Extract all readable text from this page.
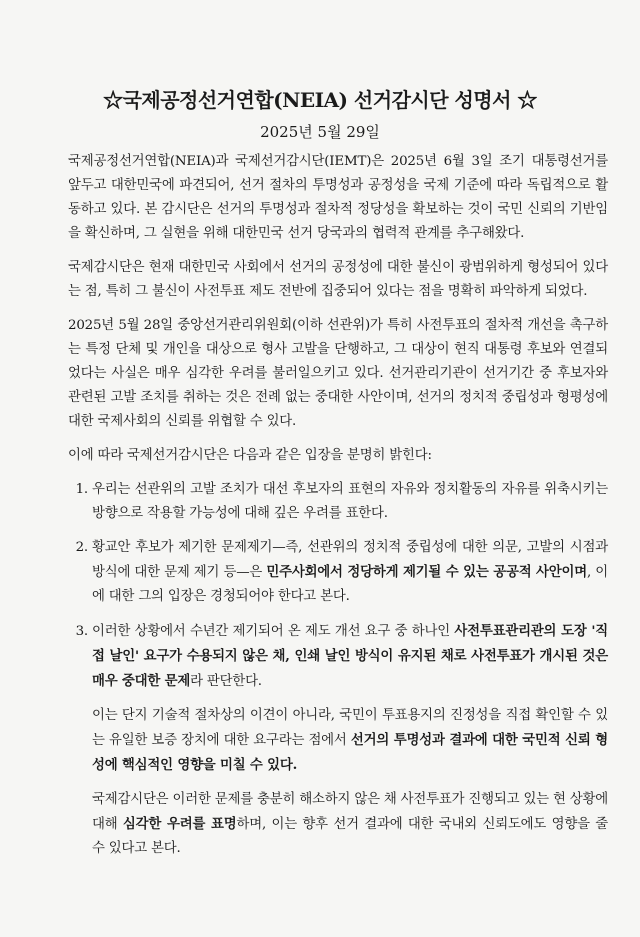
☆국제공정선거연합(NEIA) 선거감시단 성명서 ☆
2025년 5월 29일

국제공정선거연합(NEIA)과 국제선거감시단(IEMT)은 2025년 6월 3일 조기 대통령선거를 앞두고 대한민국에 파견되어, 선거 절차의 투명성과 공정성을 국제 기준에 따라 독립적으로 활동하고 있다. 본 감시단은 선거의 투명성과 절차적 정당성을 확보하는 것이 국민 신뢰의 기반임을 확신하며, 그 실현을 위해 대한민국 선거 당국과의 협력적 관계를 추구해왔다.

국제감시단은 현재 대한민국 사회에서 선거의 공정성에 대한 불신이 광범위하게 형성되어 있다는 점, 특히 그 불신이 사전투표 제도 전반에 집중되어 있다는 점을 명확히 파악하게 되었다.

2025년 5월 28일 중앙선거관리위원회(이하 선관위)가 특히 사전투표의 절차적 개선을 촉구하는 특정 단체 및 개인을 대상으로 형사 고발을 단행하고, 그 대상이 현직 대통령 후보와 연결되었다는 사실은 매우 심각한 우려를 불러일으키고 있다. 선거관리기관이 선거기간 중 후보자와 관련된 고발 조치를 취하는 것은 전례 없는 중대한 사안이며, 선거의 정치적 중립성과 형평성에 대한 국제사회의 신뢰를 위협할 수 있다.

이에 따라 국제선거감시단은 다음과 같은 입장을 분명히 밝힌다:

1. 우리는 선관위의 고발 조치가 대선 후보자의 표현의 자유와 정치활동의 자유를 위축시키는 방향으로 작용할 가능성에 대해 깊은 우려를 표한다.
2. 황교안 후보가 제기한 문제제기—즉, 선관위의 정치적 중립성에 대한 의문, 고발의 시점과 방식에 대한 문제 제기 등—은 민주사회에서 정당하게 제기될 수 있는 공공적 사안이며, 이에 대한 그의 입장은 경청되어야 한다고 본다.
3. 이러한 상황에서 수년간 제기되어 온 제도 개선 요구 중 하나인 사전투표관리관의 도장 '직접 날인' 요구가 수용되지 않은 채, 인쇄 날인 방식이 유지된 채로 사전투표가 개시된 것은 매우 중대한 문제라 판단한다.

이는 단지 기술적 절차상의 이견이 아니라, 국민이 투표용지의 진정성을 직접 확인할 수 있는 유일한 보증 장치에 대한 요구라는 점에서 선거의 투명성과 결과에 대한 국민적 신뢰 형성에 핵심적인 영향을 미칠 수 있다.

국제감시단은 이러한 문제를 충분히 해소하지 않은 채 사전투표가 진행되고 있는 현 상황에 대해 심각한 우려를 표명하며, 이는 향후 선거 결과에 대한 국내외 신뢰도에도 영향을 줄 수 있다고 본다.
